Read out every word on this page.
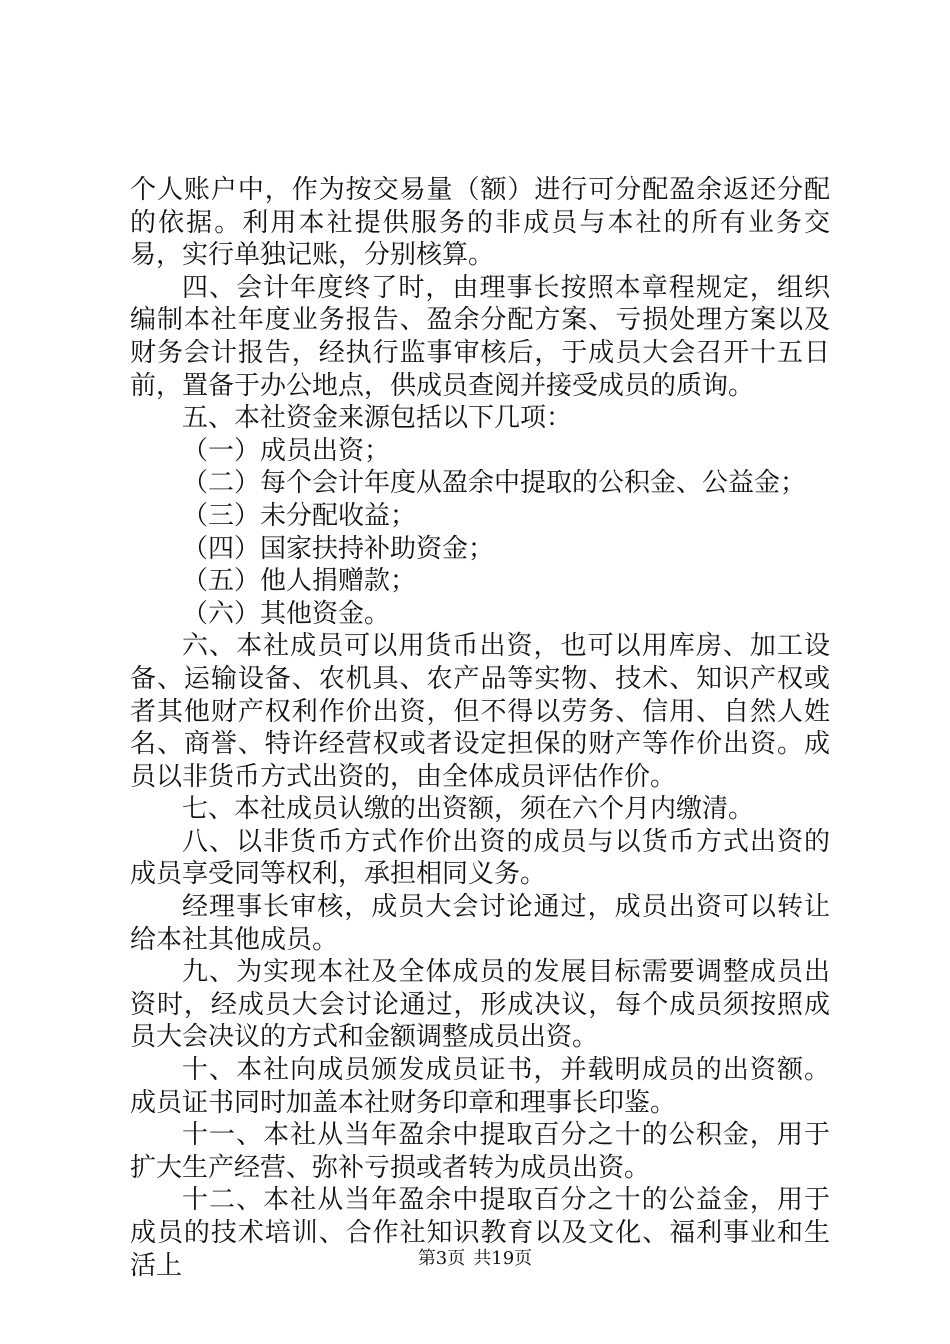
个人账户中，作为按交易量（额）进行可分配盈余返还分配的依据。利用本社提供服务的非成员与本社的所有业务交易，实行单独记账，分别核算。

四、会计年度终了时，由理事长按照本章程规定，组织编制本社年度业务报告、盈余分配方案、亏损处理方案以及财务会计报告，经执行监事审核后，于成员大会召开十五日前，置备于办公地点，供成员查阅并接受成员的质询。

五、本社资金来源包括以下几项：

（一）成员出资；

（二）每个会计年度从盈余中提取的公积金、公益金；

（三）未分配收益；

（四）国家扶持补助资金；

（五）他人捐赠款；

（六）其他资金。

六、本社成员可以用货币出资，也可以用库房、加工设备、运输设备、农机具、农产品等实物、技术、知识产权或者其他财产权利作价出资，但不得以劳务、信用、自然人姓名、商誉、特许经营权或者设定担保的财产等作价出资。成员以非货币方式出资的，由全体成员评估作价。

七、本社成员认缴的出资额，须在六个月内缴清。

八、以非货币方式作价出资的成员与以货币方式出资的成员享受同等权利，承担相同义务。

经理事长审核，成员大会讨论通过，成员出资可以转让给本社其他成员。

九、为实现本社及全体成员的发展目标需要调整成员出资时，经成员大会讨论通过，形成决议，每个成员须按照成员大会决议的方式和金额调整成员出资。

十、本社向成员颁发成员证书，并载明成员的出资额。成员证书同时加盖本社财务印章和理事长印鉴。

十一、本社从当年盈余中提取百分之十的公积金，用于扩大生产经营、弥补亏损或者转为成员出资。

十二、本社从当年盈余中提取百分之十的公益金，用于成员的技术培训、合作社知识教育以及文化、福利事业和生活上	第3页 共19页
